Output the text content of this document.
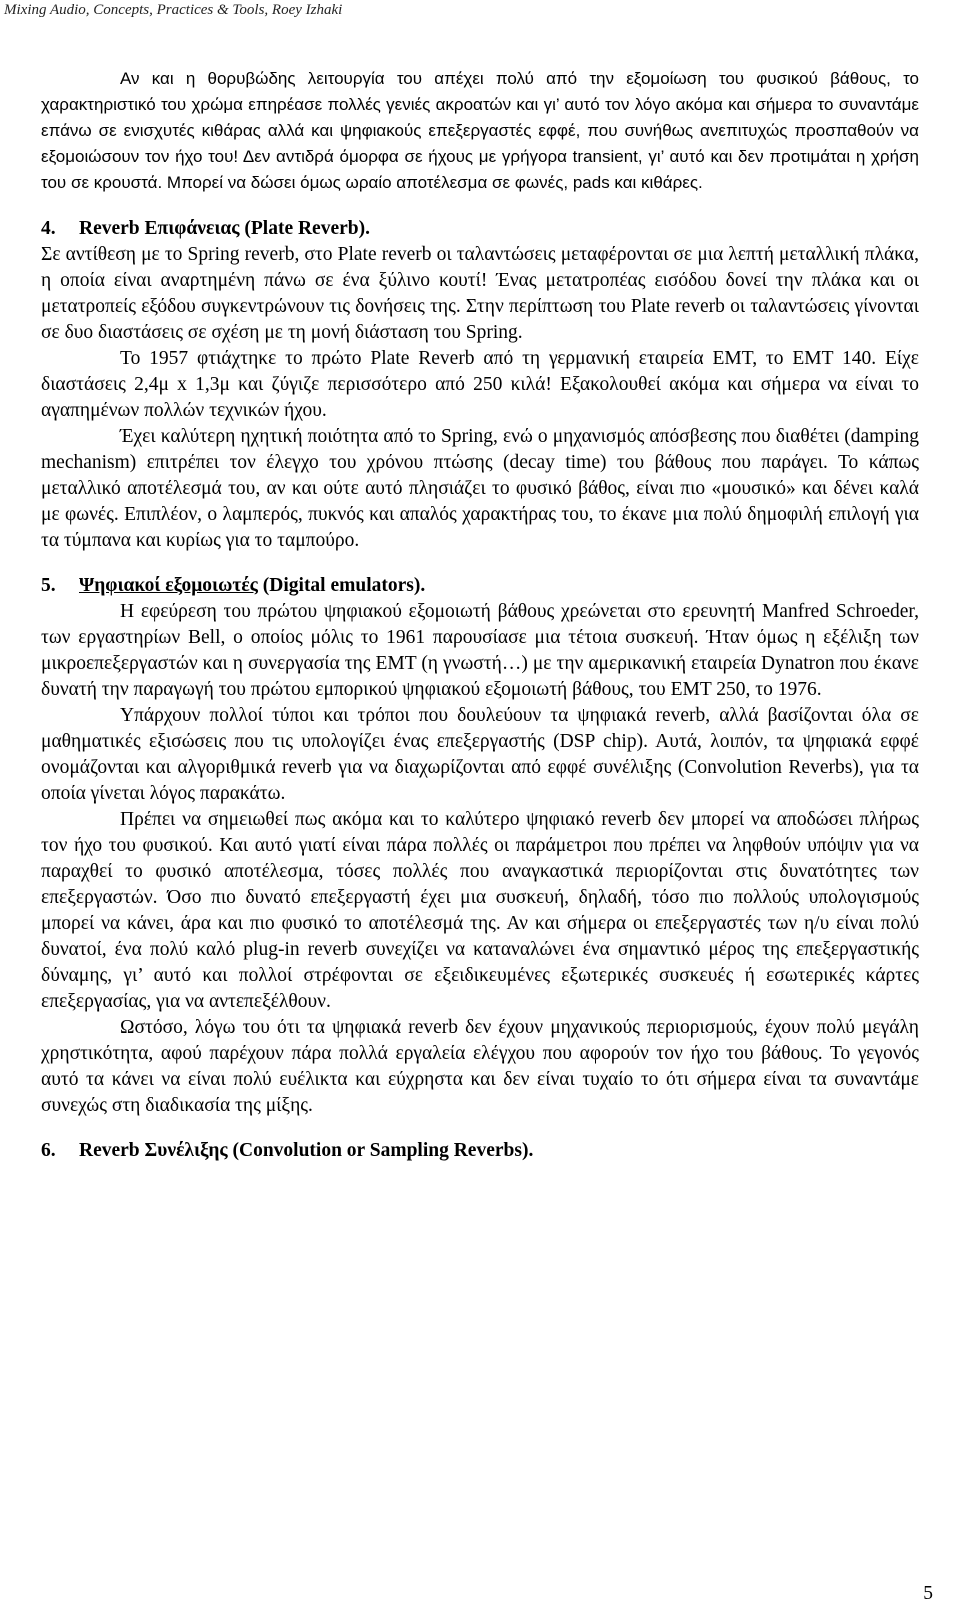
Mixing Audio, Concepts, Practices & Tools, Roey Izhaki

Αν και η θορυβώδης λειτουργία του απέχει πολύ από την εξομοίωση του φυσικού βάθους, το χαρακτηριστικό του χρώμα επηρέασε πολλές γενιές ακροατών και γι’ αυτό τον λόγο ακόμα και σήμερα το συναντάμε επάνω σε ενισχυτές κιθάρας αλλά και ψηφιακούς επεξεργαστές εφφέ, που συνήθως ανεπιτυχώς προσπαθούν να εξομοιώσουν τον ήχο του! Δεν αντιδρά όμορφα σε ήχους με γρήγορα transient, γι’ αυτό και δεν προτιμάται η χρήση του σε κρουστά. Μπορεί να δώσει όμως ωραίο αποτέλεσμα σε φωνές, pads και κιθάρες.

4. Reverb Επιφάνειας (Plate Reverb).

Σε αντίθεση με το Spring reverb, στο Plate reverb οι ταλαντώσεις μεταφέρονται σε μια λεπτή μεταλλική πλάκα, η οποία είναι αναρτημένη πάνω σε ένα ξύλινο κουτί! Ένας μετατροπέας εισόδου δονεί την πλάκα και οι μετατροπείς εξόδου συγκεντρώνουν τις δονήσεις της. Στην περίπτωση του Plate reverb οι ταλαντώσεις γίνονται σε δυο διαστάσεις σε σχέση με τη μονή διάσταση του Spring.

Το 1957 φτιάχτηκε το πρώτο Plate Reverb από τη γερμανική εταιρεία EMT, το EMT 140. Είχε διαστάσεις 2,4μ x 1,3μ και ζύγιζε περισσότερο από 250 κιλά! Εξακολουθεί ακόμα και σήμερα να είναι το αγαπημένων πολλών τεχνικών ήχου.

Έχει καλύτερη ηχητική ποιότητα από το Spring, ενώ ο μηχανισμός απόσβεσης που διαθέτει (damping mechanism) επιτρέπει τον έλεγχο του χρόνου πτώσης (decay time) του βάθους που παράγει. Το κάπως μεταλλικό αποτέλεσμά του, αν και ούτε αυτό πλησιάζει το φυσικό βάθος, είναι πιο «μουσικό» και δένει καλά με φωνές. Επιπλέον, ο λαμπερός, πυκνός και απαλός χαρακτήρας του, το έκανε μια πολύ δημοφιλή επιλογή για τα τύμπανα και κυρίως για το ταμπούρο.

5. Ψηφιακοί εξομοιωτές (Digital emulators).

Η εφεύρεση του πρώτου ψηφιακού εξομοιωτή βάθους χρεώνεται στο ερευνητή Manfred Schroeder, των εργαστηρίων Bell, ο οποίος μόλις το 1961 παρουσίασε μια τέτοια συσκευή. Ήταν όμως η εξέλιξη των μικροεπεξεργαστών και η συνεργασία της EMT (η γνωστή…) με την αμερικανική εταιρεία Dynatron που έκανε δυνατή την παραγωγή του πρώτου εμπορικού ψηφιακού εξομοιωτή βάθους, του EMT 250, το 1976.

Υπάρχουν πολλοί τύποι και τρόποι που δουλεύουν τα ψηφιακά reverb, αλλά βασίζονται όλα σε μαθηματικές εξισώσεις που τις υπολογίζει ένας επεξεργαστής (DSP chip). Αυτά, λοιπόν, τα ψηφιακά εφφέ ονομάζονται και αλγοριθμικά reverb για να διαχωρίζονται από εφφέ συνέλιξης (Convolution Reverbs), για τα οποία γίνεται λόγος παρακάτω.

Πρέπει να σημειωθεί πως ακόμα και το καλύτερο ψηφιακό reverb δεν μπορεί να αποδώσει πλήρως τον ήχο του φυσικού. Και αυτό γιατί είναι πάρα πολλές οι παράμετροι που πρέπει να ληφθούν υπόψιν για να παραχθεί το φυσικό αποτέλεσμα, τόσες πολλές που αναγκαστικά περιορίζονται στις δυνατότητες των επεξεργαστών. Όσο πιο δυνατό επεξεργαστή έχει μια συσκευή, δηλαδή, τόσο πιο πολλούς υπολογισμούς μπορεί να κάνει, άρα και πιο φυσικό το αποτέλεσμά της. Αν και σήμερα οι επεξεργαστές των η/υ είναι πολύ δυνατοί, ένα πολύ καλό plug-in reverb συνεχίζει να καταναλώνει ένα σημαντικό μέρος της επεξεργαστικής δύναμης, γι’ αυτό και πολλοί στρέφονται σε εξειδικευμένες εξωτερικές συσκευές ή εσωτερικές κάρτες επεξεργασίας, για να αντεπεξέλθουν.

Ωστόσο, λόγω του ότι τα ψηφιακά reverb δεν έχουν μηχανικούς περιορισμούς, έχουν πολύ μεγάλη χρηστικότητα, αφού παρέχουν πάρα πολλά εργαλεία ελέγχου που αφορούν τον ήχο του βάθους. Το γεγονός αυτό τα κάνει να είναι πολύ ευέλικτα και εύχρηστα και δεν είναι τυχαίο το ότι σήμερα είναι τα συναντάμε συνεχώς στη διαδικασία της μίξης.

6. Reverb Συνέλιξης (Convolution or Sampling Reverbs).
5
